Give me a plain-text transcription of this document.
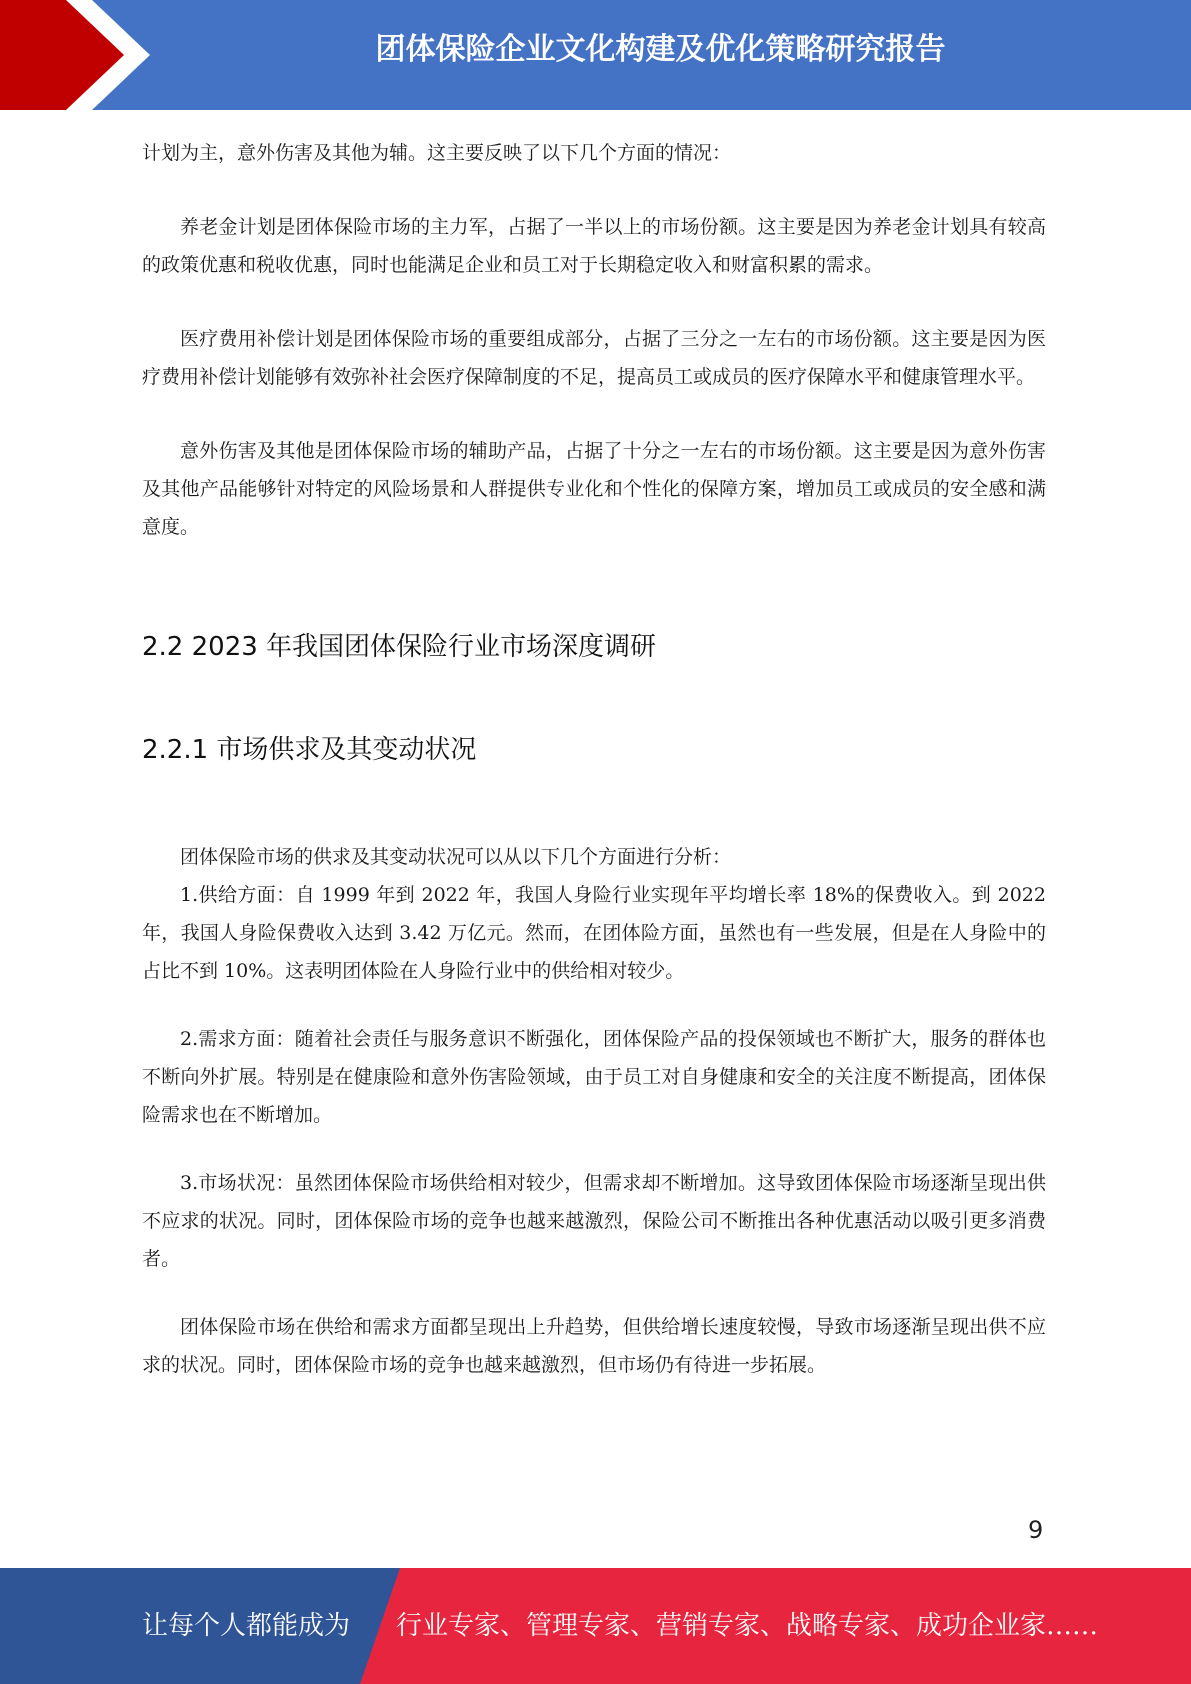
团体保险企业文化构建及优化策略研究报告

计划为主，意外伤害及其他为辅。这主要反映了以下几个方面的情况：

养老金计划是团体保险市场的主力军，占据了一半以上的市场份额。这主要是因为养老金计划具有较高的政策优惠和税收优惠，同时也能满足企业和员工对于长期稳定收入和财富积累的需求。

医疗费用补偿计划是团体保险市场的重要组成部分，占据了三分之一左右的市场份额。这主要是因为医疗费用补偿计划能够有效弥补社会医疗保障制度的不足，提高员工或成员的医疗保障水平和健康管理水平。

意外伤害及其他是团体保险市场的辅助产品，占据了十分之一左右的市场份额。这主要是因为意外伤害及其他产品能够针对特定的风险场景和人群提供专业化和个性化的保障方案，增加员工或成员的安全感和满意度。

2.2 2023 年我国团体保险行业市场深度调研
2.2.1 市场供求及其变动状况

团体保险市场的供求及其变动状况可以从以下几个方面进行分析：

1.供给方面：自 1999 年到 2022 年，我国人身险行业实现年平均增长率 18%的保费收入。到 2022 年，我国人身险保费收入达到 3.42 万亿元。然而，在团体险方面，虽然也有一些发展，但是在人身险中的占比不到 10%。这表明团体险在人身险行业中的供给相对较少。

2.需求方面：随着社会责任与服务意识不断强化，团体保险产品的投保领域也不断扩大，服务的群体也不断向外扩展。特别是在健康险和意外伤害险领域，由于员工对自身健康和安全的关注度不断提高，团体保险需求也在不断增加。

3.市场状况：虽然团体保险市场供给相对较少，但需求却不断增加。这导致团体保险市场逐渐呈现出供不应求的状况。同时，团体保险市场的竞争也越来越激烈，保险公司不断推出各种优惠活动以吸引更多消费者。

团体保险市场在供给和需求方面都呈现出上升趋势，但供给增长速度较慢，导致市场逐渐呈现出供不应求的状况。同时，团体保险市场的竞争也越来越激烈，但市场仍有待进一步拓展。

9
让每个人都能成为 行业专家、管理专家、营销专家、战略专家、成功企业家……
